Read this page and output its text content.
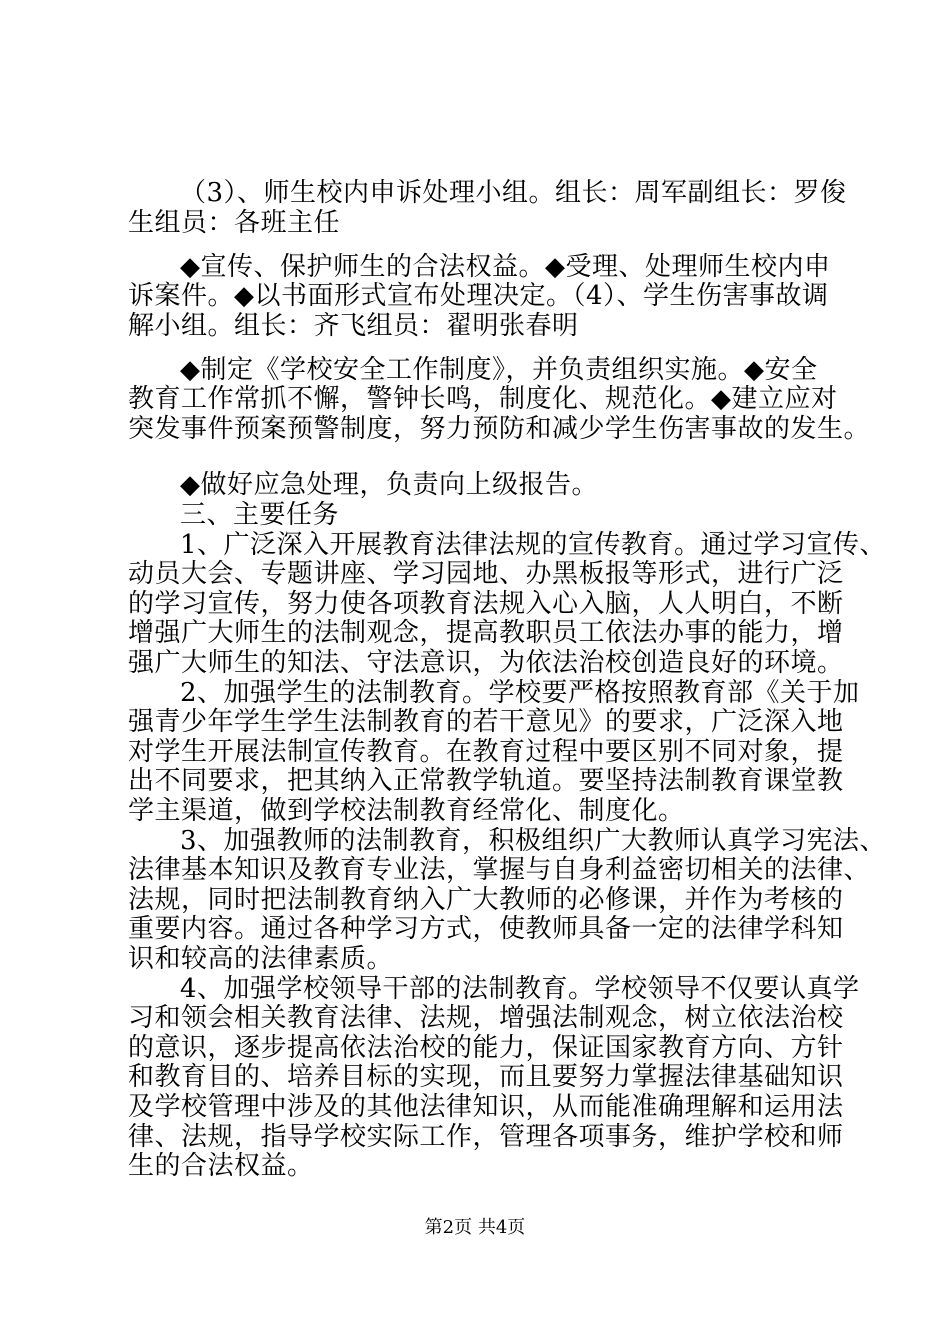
（3）、师生校内申诉处理小组。组长：周军副组长：罗俊
生组员：各班主任
◆宣传、保护师生的合法权益。◆受理、处理师生校内申
诉案件。◆以书面形式宣布处理决定。（4）、学生伤害事故调
解小组。组长：齐飞组员：翟明张春明
◆制定《学校安全工作制度》，并负责组织实施。◆安全
教育工作常抓不懈，警钟长鸣，制度化、规范化。◆建立应对
突发事件预案预警制度，努力预防和减少学生伤害事故的发生。
◆做好应急处理，负责向上级报告。
三、主要任务
1、广泛深入开展教育法律法规的宣传教育。通过学习宣传、
动员大会、专题讲座、学习园地、办黑板报等形式，进行广泛
的学习宣传，努力使各项教育法规入心入脑，人人明白，不断
增强广大师生的法制观念，提高教职员工依法办事的能力，增
强广大师生的知法、守法意识，为依法治校创造良好的环境。
2、加强学生的法制教育。学校要严格按照教育部《关于加
强青少年学生学生法制教育的若干意见》的要求，广泛深入地
对学生开展法制宣传教育。在教育过程中要区别不同对象，提
出不同要求，把其纳入正常教学轨道。要坚持法制教育课堂教
学主渠道，做到学校法制教育经常化、制度化。
3、加强教师的法制教育，积极组织广大教师认真学习宪法、
法律基本知识及教育专业法，掌握与自身利益密切相关的法律、
法规，同时把法制教育纳入广大教师的必修课，并作为考核的
重要内容。通过各种学习方式，使教师具备一定的法律学科知
识和较高的法律素质。
4、加强学校领导干部的法制教育。学校领导不仅要认真学
习和领会相关教育法律、法规，增强法制观念，树立依法治校
的意识，逐步提高依法治校的能力，保证国家教育方向、方针
和教育目的、培养目标的实现，而且要努力掌握法律基础知识
及学校管理中涉及的其他法律知识，从而能准确理解和运用法
律、法规，指导学校实际工作，管理各项事务，维护学校和师
生的合法权益。
第2页 共4页
